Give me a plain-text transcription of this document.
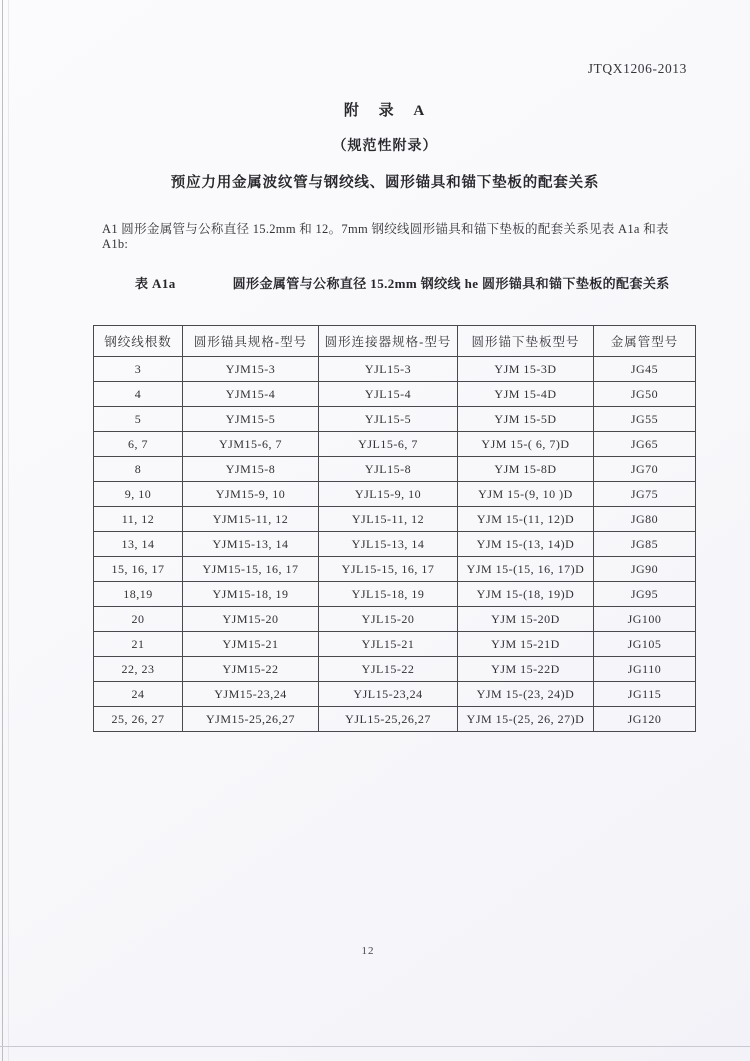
JTQX1206-2013
附 录 A
（规范性附录）
预应力用金属波纹管与钢绞线、圆形锚具和锚下垫板的配套关系
A1 圆形金属管与公称直径 15.2mm 和 12。7mm 钢绞线圆形锚具和锚下垫板的配套关系见表 A1a 和表 A1b:
表 A1a	圆形金属管与公称直径 15.2mm 钢绞线 he 圆形锚具和锚下垫板的配套关系
钢绞线根数	圆形锚具规格-型号	圆形连接器规格-型号	圆形锚下垫板型号	金属管型号
3	YJM15-3	YJL15-3	YJM 15-3D	JG45
4	YJM15-4	YJL15-4	YJM 15-4D	JG50
5	YJM15-5	YJL15-5	YJM 15-5D	JG55
6, 7	YJM15-6, 7	YJL15-6, 7	YJM 15-( 6, 7)D	JG65
8	YJM15-8	YJL15-8	YJM 15-8D	JG70
9, 10	YJM15-9, 10	YJL15-9, 10	YJM 15-(9, 10 )D	JG75
11, 12	YJM15-11, 12	YJL15-11, 12	YJM 15-(11, 12)D	JG80
13, 14	YJM15-13, 14	YJL15-13, 14	YJM 15-(13, 14)D	JG85
15, 16, 17	YJM15-15, 16, 17	YJL15-15, 16, 17	YJM 15-(15, 16, 17)D	JG90
18,19	YJM15-18, 19	YJL15-18, 19	YJM 15-(18, 19)D	JG95
20	YJM15-20	YJL15-20	YJM 15-20D	JG100
21	YJM15-21	YJL15-21	YJM 15-21D	JG105
22, 23	YJM15-22	YJL15-22	YJM 15-22D	JG110
24	YJM15-23,24	YJL15-23,24	YJM 15-(23, 24)D	JG115
25, 26, 27	YJM15-25,26,27	YJL15-25,26,27	YJM 15-(25, 26, 27)D	JG120
12
